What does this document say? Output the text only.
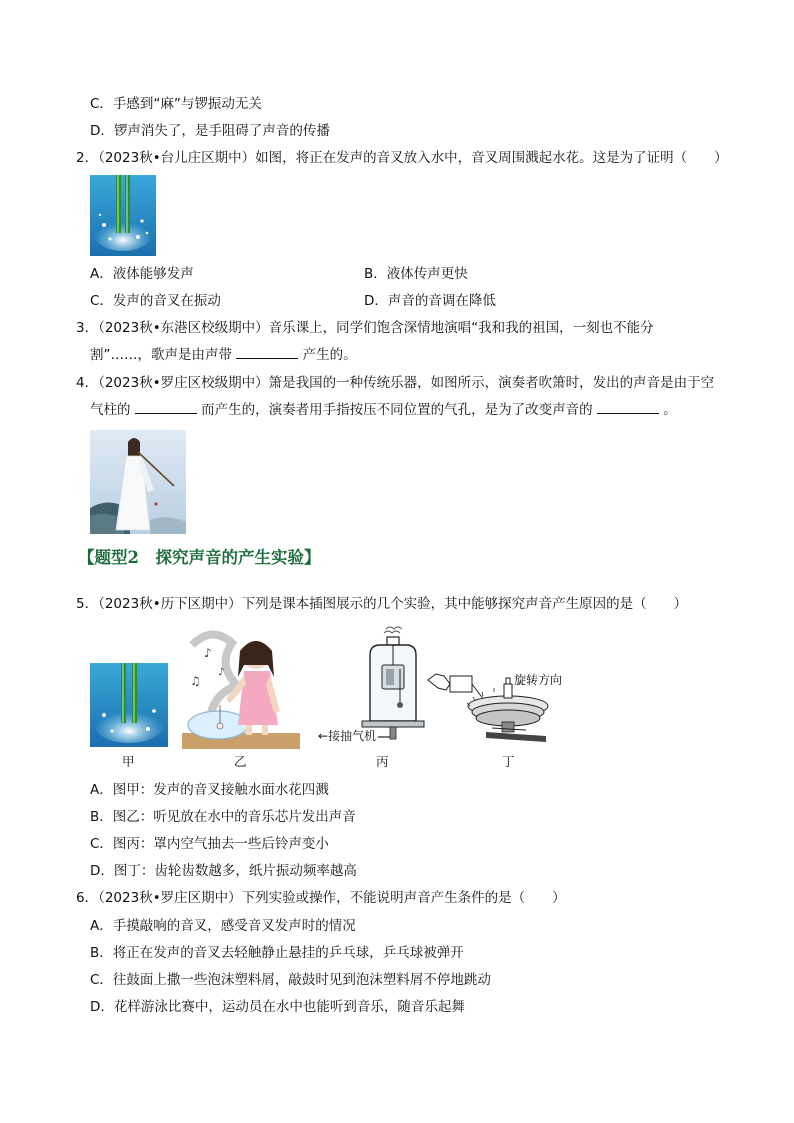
C．手感到“麻”与锣振动无关
D．锣声消失了，是手阻碍了声音的传播
2．（2023秋•台儿庄区期中）如图，将正在发声的音叉放入水中，音叉周围溅起水花。这是为了证明（　　）
A．液体能够发声	B．液体传声更快
C．发声的音叉在振动	D．声音的音调在降低
3．（2023秋•东港区校级期中）音乐课上，同学们饱含深情地演唱“我和我的祖国，一刻也不能分
割”……，歌声是由声带	产生的。
4．（2023秋•罗庄区校级期中）箫是我国的一种传统乐器，如图所示，演奏者吹箫时，发出的声音是由于空
气柱的	而产生的，演奏者用手指按压不同位置的气孔，是为了改变声音的	。
【题型2　探究声音的产生实验】
5．（2023秋•历下区期中）下列是课本插图展示的几个实验，其中能够探究声音产生原因的是（　　）
甲
♪
♫
♪
乙
←接抽气机
丙
旋转方向
丁
A．图甲：发声的音叉接触水面水花四溅
B．图乙：听见放在水中的音乐芯片发出声音
C．图丙：罩内空气抽去一些后铃声变小
D．图丁：齿轮齿数越多，纸片振动频率越高
6．（2023秋•罗庄区期中）下列实验或操作，不能说明声音产生条件的是（　　）
A．手摸敲响的音叉，感受音叉发声时的情况
B．将正在发声的音叉去轻触静止悬挂的乒乓球，乒乓球被弹开
C．往鼓面上撒一些泡沫塑料屑，敲鼓时见到泡沫塑料屑不停地跳动
D．花样游泳比赛中，运动员在水中也能听到音乐，随音乐起舞
